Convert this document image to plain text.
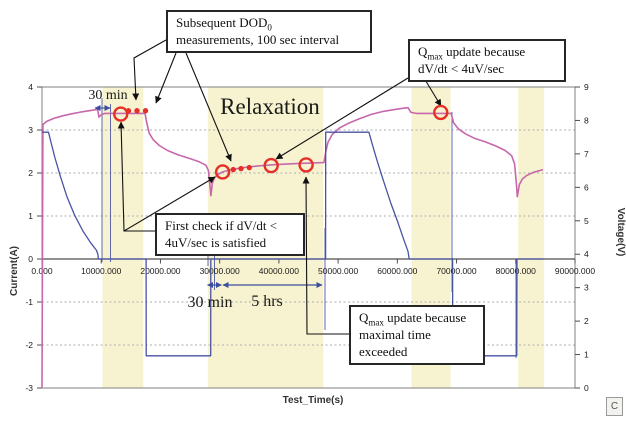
0.000	10000.000 20000.000 30000.000 40000.000 50000.000 60000.000 70000.000 80000.000 90000.000
Test_Time(s)
4
3
2
1
0
-1
-2
-3
Current(A)
9
8
7
6
5
4
3
2
1
0
Voltage(V)
30 min	Relaxation
30 min 5 hrs
Subsequent $DOD_0$
measurements, 100 sec interval
$Q_{max}$ update because
dV/dt < 4uV/sec
First check if dV/dt <
4uV/sec is satisfied
$Q_{max}$ update because
maximal time
exceeded
C
